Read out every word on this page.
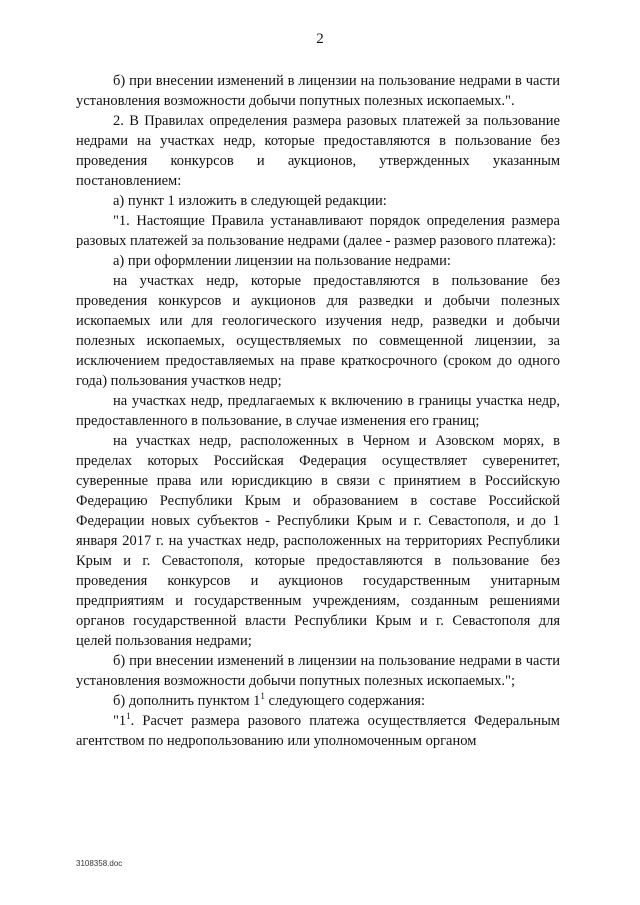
2

б) при внесении изменений в лицензии на пользование недрами в части установления возможности добычи попутных полезных ископаемых.".

2. В Правилах определения размера разовых платежей за пользование недрами на участках недр, которые предоставляются в пользование без проведения конкурсов и аукционов, утвержденных указанным постановлением:

а) пункт 1 изложить в следующей редакции:

"1. Настоящие Правила устанавливают порядок определения размера разовых платежей за пользование недрами (далее - размер разового платежа):

а) при оформлении лицензии на пользование недрами:

на участках недр, которые предоставляются в пользование без проведения конкурсов и аукционов для разведки и добычи полезных ископаемых или для геологического изучения недр, разведки и добычи полезных ископаемых, осуществляемых по совмещенной лицензии, за исключением предоставляемых на праве краткосрочного (сроком до одного года) пользования участков недр;

на участках недр, предлагаемых к включению в границы участка недр, предоставленного в пользование, в случае изменения его границ;

на участках недр, расположенных в Черном и Азовском морях, в пределах которых Российская Федерация осуществляет суверенитет, суверенные права или юрисдикцию в связи с принятием в Российскую Федерацию Республики Крым и образованием в составе Российской Федерации новых субъектов - Республики Крым и г. Севастополя, и до 1 января 2017 г. на участках недр, расположенных на территориях Республики Крым и г. Севастополя, которые предоставляются в пользование без проведения конкурсов и аукционов государственным унитарным предприятиям и государственным учреждениям, созданным решениями органов государственной власти Республики Крым и г. Севастополя для целей пользования недрами;

б) при внесении изменений в лицензии на пользование недрами в части установления возможности добычи попутных полезных ископаемых.";

б) дополнить пунктом $1^1$ следующего содержания:

"$1^1$. Расчет размера разового платежа осуществляется Федеральным агентством по недропользованию или уполномоченным органом

3108358.doc
